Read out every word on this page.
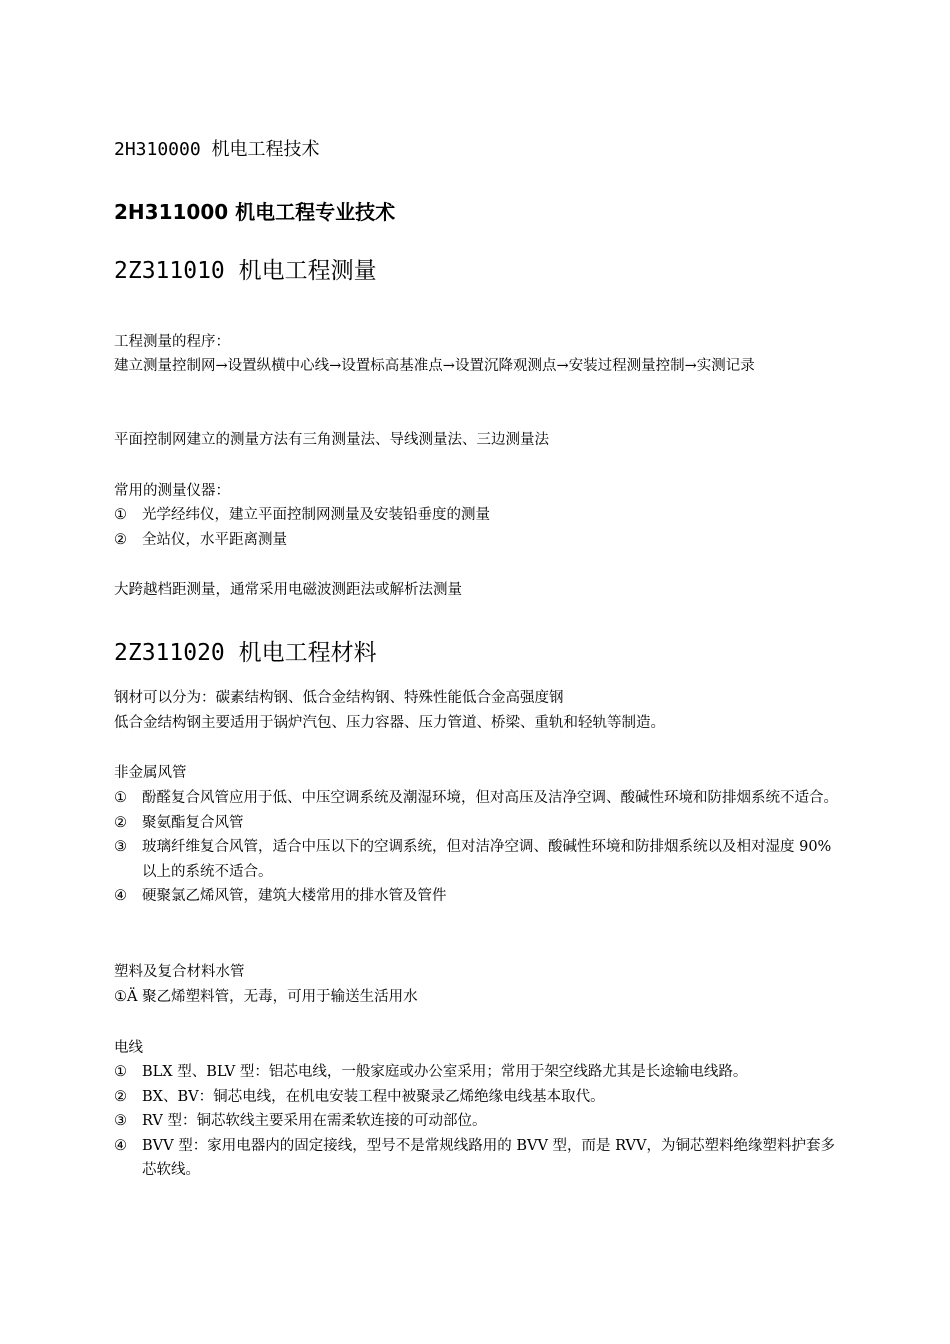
2H310000 机电工程技术
2H311000 机电工程专业技术
2Z311010 机电工程测量
工程测量的程序：
建立测量控制网→设置纵横中心线→设置标高基准点→设置沉降观测点→安装过程测量控制→实测记录
平面控制网建立的测量方法有三角测量法、导线测量法、三边测量法
常用的测量仪器：
① 光学经纬仪，建立平面控制网测量及安装铅垂度的测量
② 全站仪，水平距离测量
大跨越档距测量，通常采用电磁波测距法或解析法测量
2Z311020 机电工程材料
钢材可以分为：碳素结构钢、低合金结构钢、特殊性能低合金高强度钢
低合金结构钢主要适用于锅炉汽包、压力容器、压力管道、桥梁、重轨和轻轨等制造。
非金属风管
① 酚醛复合风管应用于低、中压空调系统及潮湿环境，但对高压及洁净空调、酸碱性环境和防排烟系统不适合。
② 聚氨酯复合风管
③ 玻璃纤维复合风管，适合中压以下的空调系统，但对洁净空调、酸碱性环境和防排烟系统以及相对湿度 90%以上的系统不适合。
④ 硬聚氯乙烯风管，建筑大楼常用的排水管及管件
塑料及复合材料水管
①Ä 聚乙烯塑料管，无毒，可用于输送生活用水
电线
① BLX 型、BLV 型：铝芯电线，一般家庭或办公室采用；常用于架空线路尤其是长途输电线路。
② BX、BV：铜芯电线，在机电安装工程中被聚录乙烯绝缘电线基本取代。
③ RV 型：铜芯软线主要采用在需柔软连接的可动部位。
④ BVV 型：家用电器内的固定接线，型号不是常规线路用的 BVV 型，而是 RVV，为铜芯塑料绝缘塑料护套多芯软线。
